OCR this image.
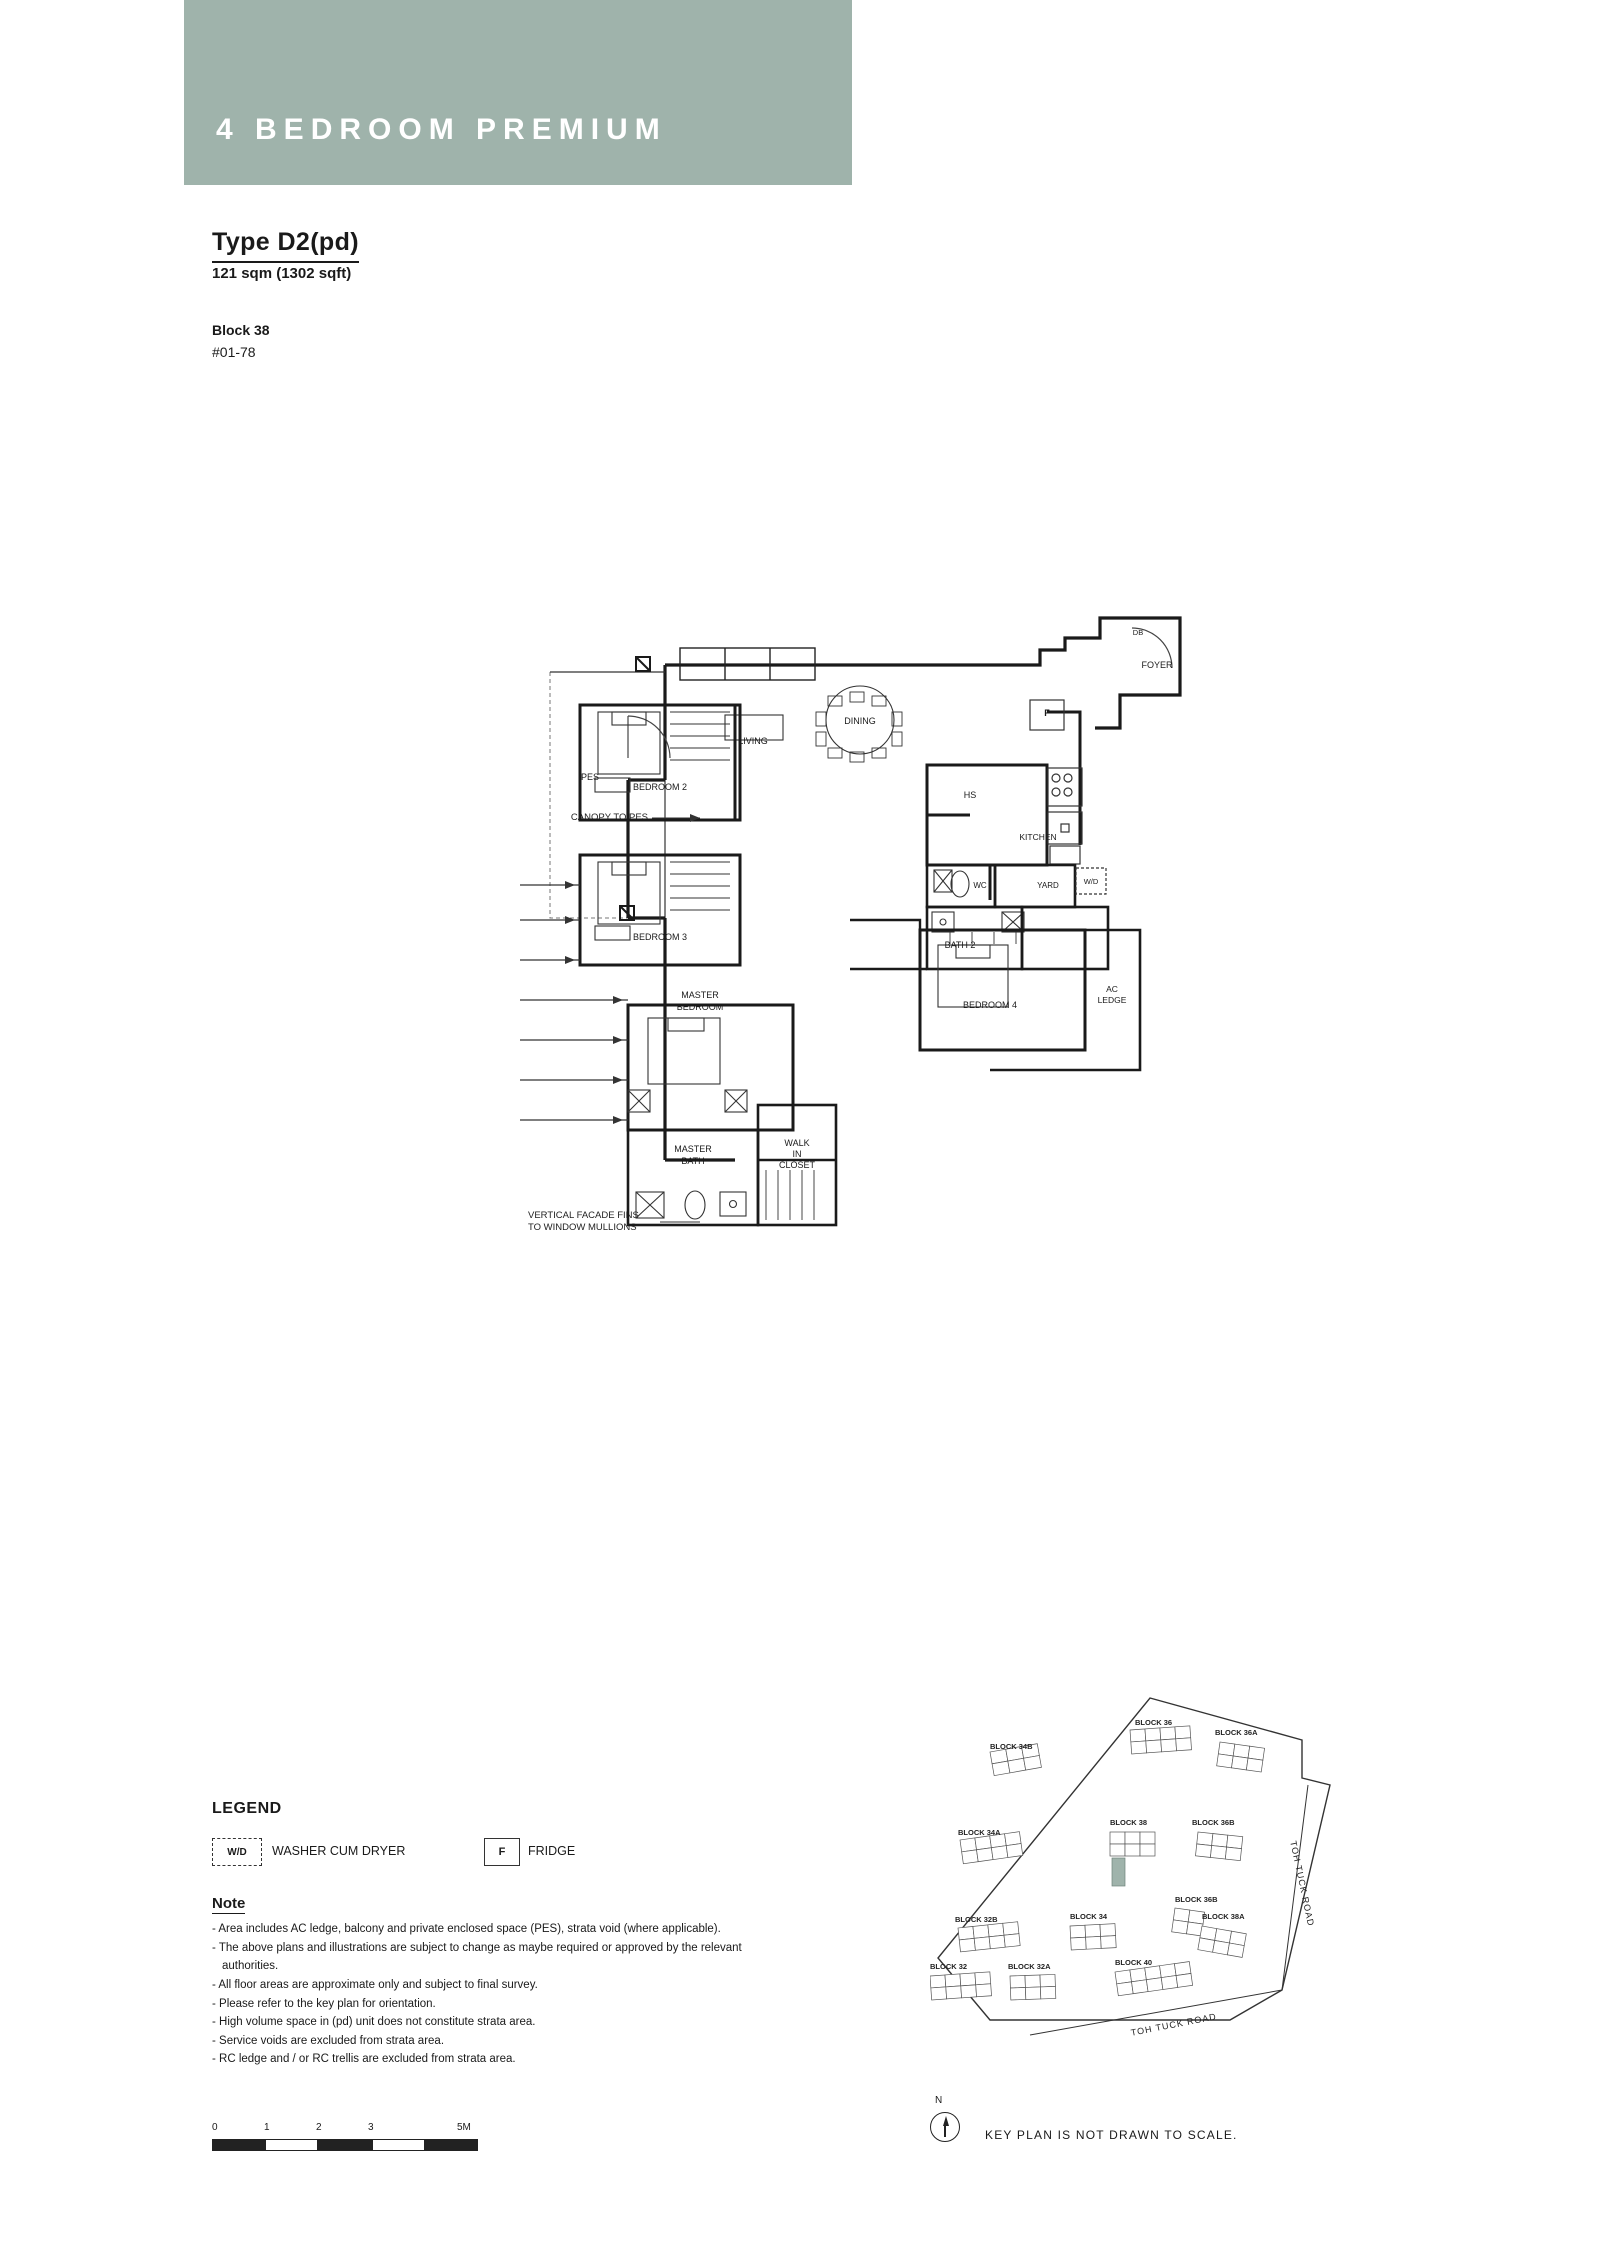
4 BEDROOM PREMIUM
Type D2(pd)
121 sqm (1302 sqft)
Block 38
#01-78
CANOPY TO PES
VERTICAL FACADE FINS
TO WINDOW MULLIONS
LIVING
DINING
FOYER
DB
PES
BEDROOM 2
BEDROOM 3
BEDROOM 4
MASTER
BEDROOM
MASTER
BATH
WALK
IN
CLOSET
BATH 2
WC
KITCHEN
YARD
HS
W/D
F
AC
LEDGE
LEGEND
W/D	WASHER CUM DRYER	F	FRIDGE
Note
- Area includes AC ledge, balcony and private enclosed space (PES), strata void (where applicable).
- The above plans and illustrations are subject to change as maybe required or approved by the relevant authorities.
- All floor areas are approximate only and subject to final survey.
- Please refer to the key plan for orientation.
- High volume space in (pd) unit does not constitute strata area.
- Service voids are excluded from strata area.
- RC ledge and / or RC trellis are excluded from strata area.
0	1	2	3	5M
BLOCK 34B
BLOCK 36
BLOCK 36A
BLOCK 34A
BLOCK 38	BLOCK 36B
BLOCK 32B	BLOCK 34
BLOCK 36B
BLOCK 38A
BLOCK 32	BLOCK 32A	BLOCK 40
TOH TUCK ROAD
TOH TUCK ROAD
N
KEY PLAN IS NOT DRAWN TO SCALE.
